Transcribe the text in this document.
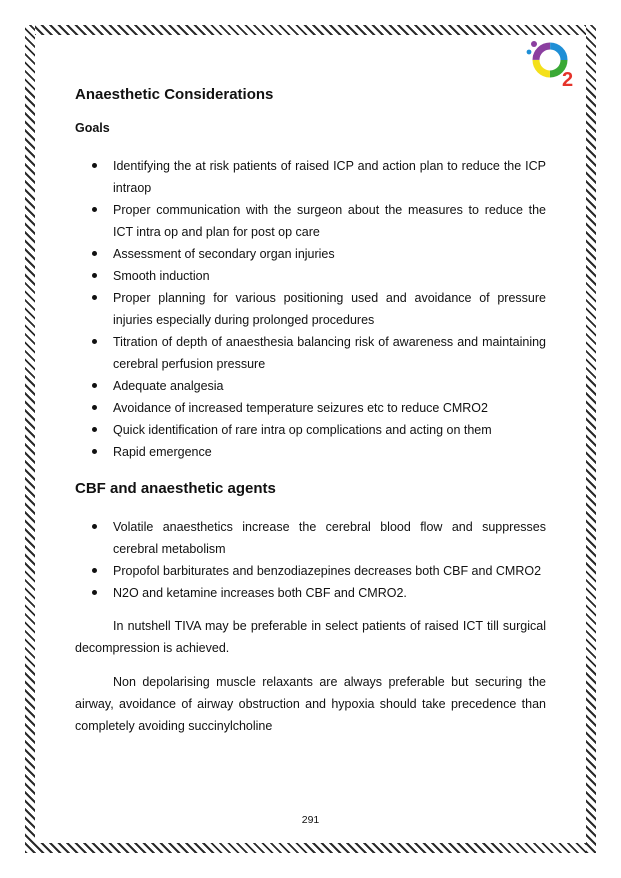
2
Anaesthetic Considerations
Goals
Identifying the at risk patients of raised ICP and action plan to reduce the ICP intraop
Proper communication with the surgeon about the measures to reduce the ICT intra op and plan for post op care
Assessment of secondary organ injuries
Smooth induction
Proper planning for various positioning used and avoidance of pressure injuries especially during prolonged procedures
Titration of depth of anaesthesia balancing risk of awareness and maintaining cerebral perfusion pressure
Adequate analgesia
Avoidance of increased temperature seizures etc to reduce CMRO2
Quick identification of rare intra op complications and acting on them
Rapid emergence
CBF and anaesthetic agents
Volatile anaesthetics increase the cerebral blood flow and suppresses cerebral metabolism
Propofol barbiturates and benzodiazepines decreases both CBF and CMRO2
N2O and ketamine increases both CBF and CMRO2.

In nutshell TIVA may be preferable in select patients of raised ICT till surgical decompression is achieved.

Non depolarising muscle relaxants are always preferable but securing the airway, avoidance of airway obstruction and hypoxia should take precedence than completely avoiding succinylcholine

291
